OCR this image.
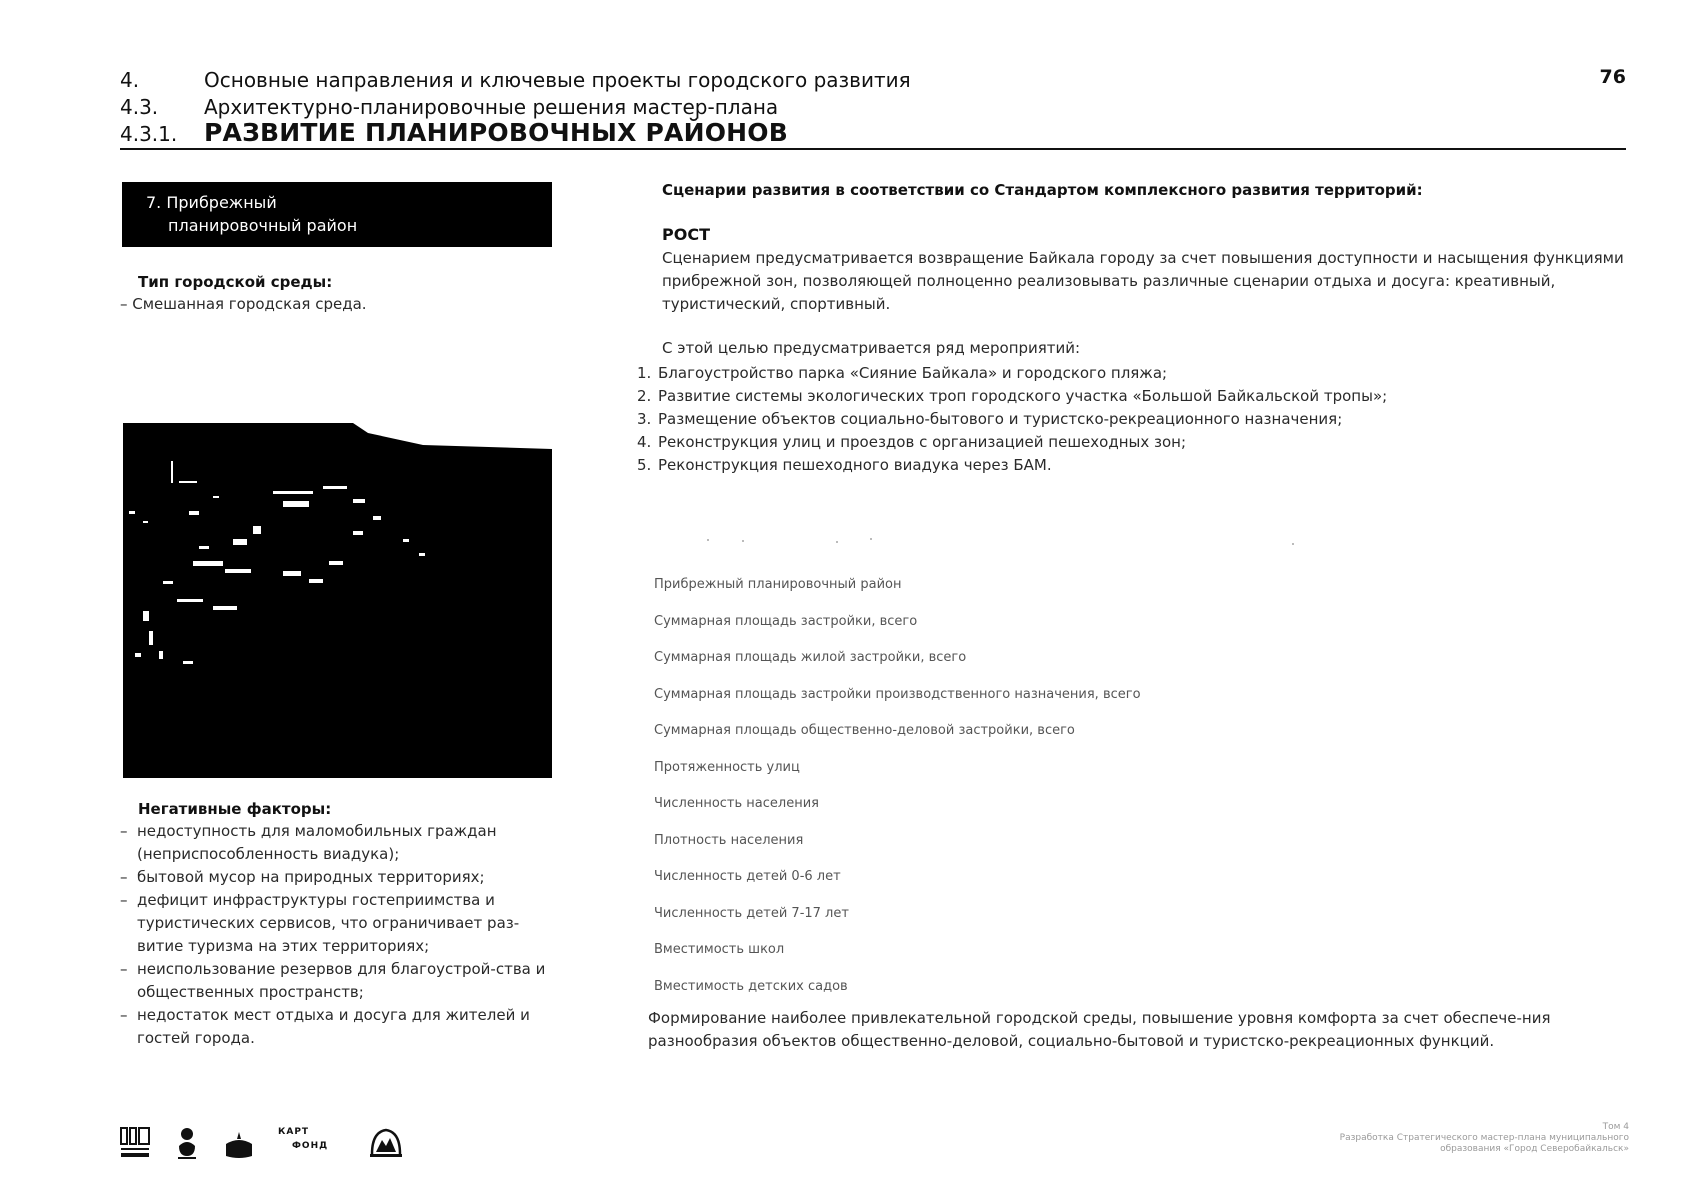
4.	Основные направления и ключевые проекты городского развития
4.3. Архитектурно-планировочные решения мастер-плана
4.3.1. РАЗВИТИЕ ПЛАНИРОВОЧНЫХ РАЙОНОВ
76
7. Прибрежный
планировочный район
Тип городской среды:
– Смешанная городская среда.
Негативные факторы:
– недоступность для маломобильных граждан (неприспособленность виадука);
– бытовой мусор на природных территориях;
– дефицит инфраструктуры гостеприимства и туристических сервисов, что ограничивает раз-витие туризма на этих территориях;
– неиспользование резервов для благоустрой-ства и общественных пространств;
– недостаток мест отдыха и досуга для жителей и гостей города.
Сценарии развития в соответствии со Стандартом комплексного развития территорий:
РОСТ
Сценарием предусматривается возвращение Байкала городу за счет повышения доступности и насыщения функциями прибрежной зон, позволяющей полноценно реализовывать различные сценарии отдыха и досуга: креативный, туристический, спортивный.
С этой целью предусматривается ряд мероприятий:
1. Благоустройство парка «Сияние Байкала» и городского пляжа;
2. Развитие системы экологических троп городского участка «Большой Байкальской тропы»;
3. Размещение объектов социально-бытового и туристско-рекреационного назначения;
4. Реконструкция улиц и проездов с организацией пешеходных зон;
5. Реконструкция пешеходного виадука через БАМ.
Прибрежный планировочный район
Суммарная площадь застройки, всего
Суммарная площадь жилой застройки, всего
Суммарная площадь застройки производственного назначения, всего
Суммарная площадь общественно-деловой застройки, всего
Протяженность улиц
Численность населения
Плотность населения
Численность детей 0-6 лет
Численность детей 7-17 лет
Вместимость школ
Вместимость детских садов
Формирование наиболее привлекательной городской среды, повышение уровня комфорта за счет обеспече-ния разнообразия объектов общественно-деловой, социально-бытовой и туристско-рекреационных функций.
КАРТ
ФОНД
Том 4
Разработка Стратегического мастер-плана муниципального
образования «Город Северобайкальск»
